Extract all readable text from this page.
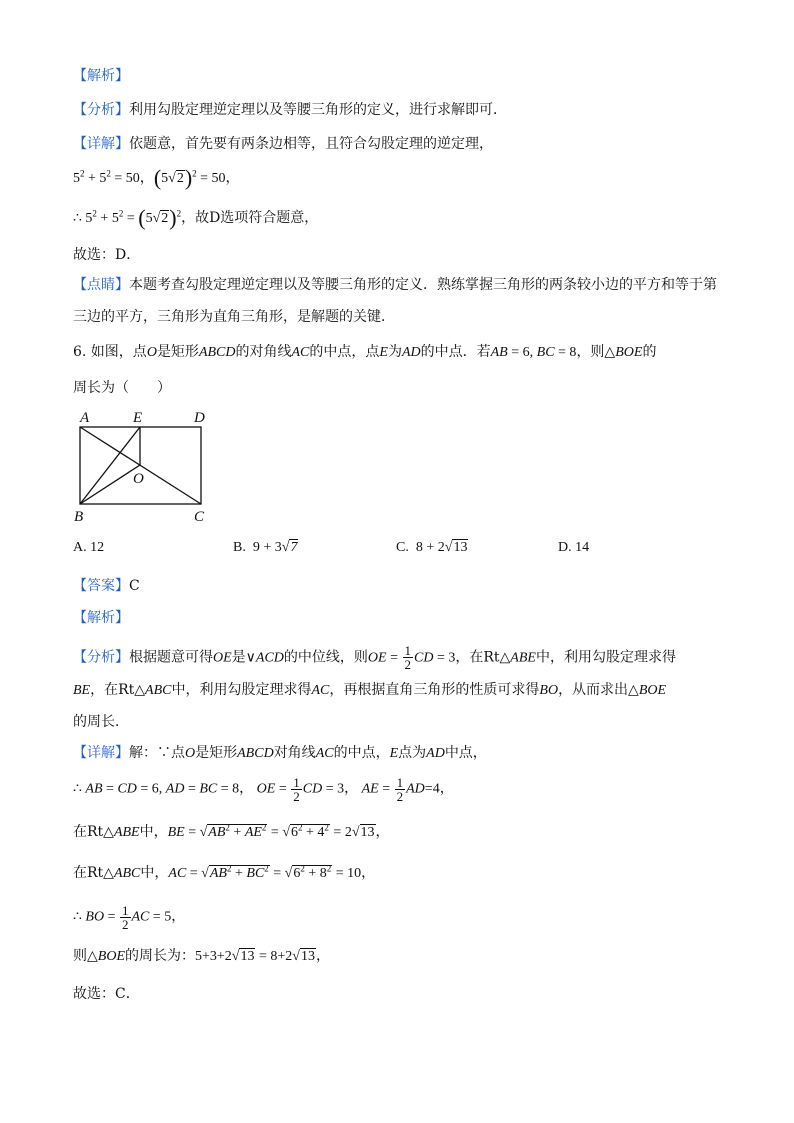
【解析】
【分析】利用勾股定理逆定理以及等腰三角形的定义，进行求解即可．
【详解】依题意，首先要有两条边相等，且符合勾股定理的逆定理，
$5^2 + 5^2 = 50$，$(5√2)^2 = 50$，
∴ $5^2 + 5^2 = (5√2)^2$，故D选项符合题意，
故选：D．
【点睛】本题考查勾股定理逆定理以及等腰三角形的定义．熟练掌握三角形的两条较小边的平方和等于第
三边的平方，三角形为直角三角形，是解题的关键．
6. 如图，点O是矩形ABCD的对角线AC的中点，点E为AD的中点．若AB = 6, BC = 8，则△BOE的
周长为（　　）
A	E	D
O
B	C
A. 12	B.  9 + 3√7	C.  8 + 2√13	D. 14
【答案】C
【解析】
【分析】根据题意可得OE是∨ACD的中位线，则OE = $\frac{1}{2}$ CD = 3，在Rt△ABE中，利用勾股定理求得
BE，在Rt△ABC中，利用勾股定理求得AC，再根据直角三角形的性质可求得BO，从而求出△BOE
的周长．
【详解】解：∵点O是矩形ABCD对角线AC的中点，E点为AD中点，
∴ AB = CD = 6, AD = BC = 8， OE = $\frac{1}{2}$ CD = 3， AE = $\frac{1}{2} AD=4$，
在Rt△ABE中，BE = $√AB^2 + AE^2 = √6^2 + 4^2 = 2√13$，
在Rt△ABC中，AC = $√AB^2 + BC^2 = √6^2 + 8^2 = 10$，
∴ BO = $\frac{1}{2}$ AC = 5，
则△BOE的周长为：5+3+2√13 = 8+2√13，
故选：C．
